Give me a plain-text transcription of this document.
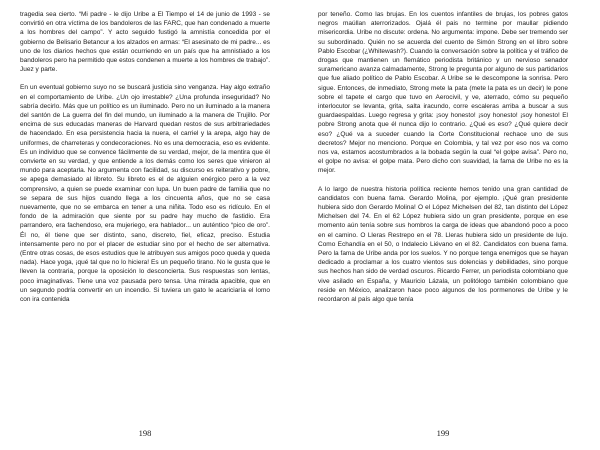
tragedia sea cierto. “Mi padre - le dijo Uribe a El Tiempo el 14 de junio de 1993 - se convirtió en otra víctima de los bandoleros de las FARC, que han condenado a muerte a los hombres del campo”. Y acto seguido fustigó la amnistía concedida por el gobierno de Belisario Betancur a los alzados en armas: “El asesinato de mi padre... es uno de los diarios hechos que están ocurriendo en un país que ha amnistiado a los bandoleros pero ha permitido que estos condenen a muerte a los hombres de trabajo”. Juez y parte.

En un eventual gobierno suyo no se buscará justicia sino venganza. Hay algo extraño en el comportamiento de Uribe. ¿Un ojo irrestable? ¿Una profunda inseguridad? No sabría decirlo. Más que un político es un iluminado. Pero no un iluminado a la manera del santón de La guerra del fin del mundo, un iluminado a la manera de Trujillo. Por encima de sus educadas maneras de Harvard quedan restos de sus arbitrariedades de hacendado. En esa persistencia hacia la nuera, el carriel y la arepa, algo hay de uniformes, de charreteras y condecoraciones. No es una democracia, eso es evidente. Es un individuo que se convence fácilmente de su verdad, mejor, de la mentira que él convierte en su verdad, y que entiende a los demás como los seres que vinieron al mundo para aceptarla. No argumenta con facilidad, su discurso es reiterativo y pobre, se apega demasiado al libreto. Su libreto es el de alguien enérgico pero a la vez comprensivo, a quien se puede examinar con lupa. Un buen padre de familia que no se separa de sus hijos cuando llega a los cincuenta años, que no se casa nuevamente, que no se embarca en tener a una niñita. Todo eso es ridículo. En el fondo de la admiración que siente por su padre hay mucho de fastidio. Era parrandero, era fachendoso, era mujeriego, era hablador... un auténtico “pico de oro”. Él no, él tiene que ser distinto, sano, discreto, fiel, eficaz, preciso. Estudia intensamente pero no por el placer de estudiar sino por el hecho de ser alternativa. (Entre otras cosas, de esos estudios que le atribuyen sus amigos poco queda y queda nada). Hace yoga, ¡qué tal que no lo hiciera! Es un pequeño tirano. No le gusta que le lleven la contraria, porque la oposición lo desconcierta. Sus respuestas son lentas, poco imaginativas. Tiene una voz pausada pero tensa. Una mirada apacible, que en un segundo podría convertir en un incendio. Si tuviera un gato le acariciaría el lomo con ira contenida

198

por teneño. Como las brujas. En los cuentos infantiles de brujas, los pobres gatos negros maúllan aterrorizados. Ojalá él pais no termine por maullar pidiendo misericordia. Uribe no discute: ordena. No argumenta: impone. Debe ser tremendo ser su subordinado. Quién no se acuerda del cuento de Simón Strong en el libro sobre Pablo Escobar (¿Whitewash?). Cuando la conversación sobre la política y el tráfico de drogas que mantienen un flemático periodista británico y un nervioso senador suramericano avanza calmadamente, Strong le pregunta por alguno de sus partidarios que fue aliado político de Pablo Escobar. A Uribe se le descompone la sonrisa. Pero sigue. Entonces, de inmediato, Strong mete la pata (mete la pata es un decir) le pone sobre el tapete el cargo que tuvo en Aerocivil, y ve, aterrado, cómo su pequeño interlocutor se levanta, grita, salta iracundo, corre escaleras arriba a buscar a sus guardaespaldas. Luego regresa y grita: ¡soy honesto! ¡soy honesto! ¡soy honesto! El pobre Strong anota que él nunca dijo lo contrario. ¿Qué es eso? ¿Qué quiere decir eso? ¿Qué va a suceder cuando la Corte Constitucional rechace uno de sus decretos? Mejor no menciono. Porque en Colombia, y tal vez por eso nos va como nos va, estamos acostumbrados a la bobada según la cual “el golpe avisa”. Pero no, el golpe no avisa: el golpe mata. Pero dicho con suavidad, la fama de Uribe no es la mejor.

A lo largo de nuestra historia política reciente hemos tenido una gran cantidad de candidatos con buena fama. Gerardo Molina, por ejemplo. ¡Qué gran presidente hubiera sido don Gerardo Molina! O el López Michelsen del 82, tan distinto del López Michelsen del 74. En el 62 López hubiera sido un gran presidente, porque en ese momento aún tenía sobre sus hombros la carga de ideas que abandonó poco a poco en el camino. O Lleras Restrepo en el 78. Lleras hubiera sido un presidente de lujo. Como Echandía en el 50, o Indalecio Liévano en el 82. Candidatos con buena fama. Pero la fama de Uribe anda por los suelos. Y no porque tenga enemigos que se hayan dedicado a proclamar a los cuatro vientos sus dolencias y debilidades, sino porque sus hechos han sido de verdad oscuros. Ricardo Ferrer, un periodista colombiano que vive asilado en España, y Mauricio Lázala, un politólogo también colombiano que reside en México, analizaron hace poco algunos de los pormenores de Uribe y le recordaron al país algo que tenía

199
